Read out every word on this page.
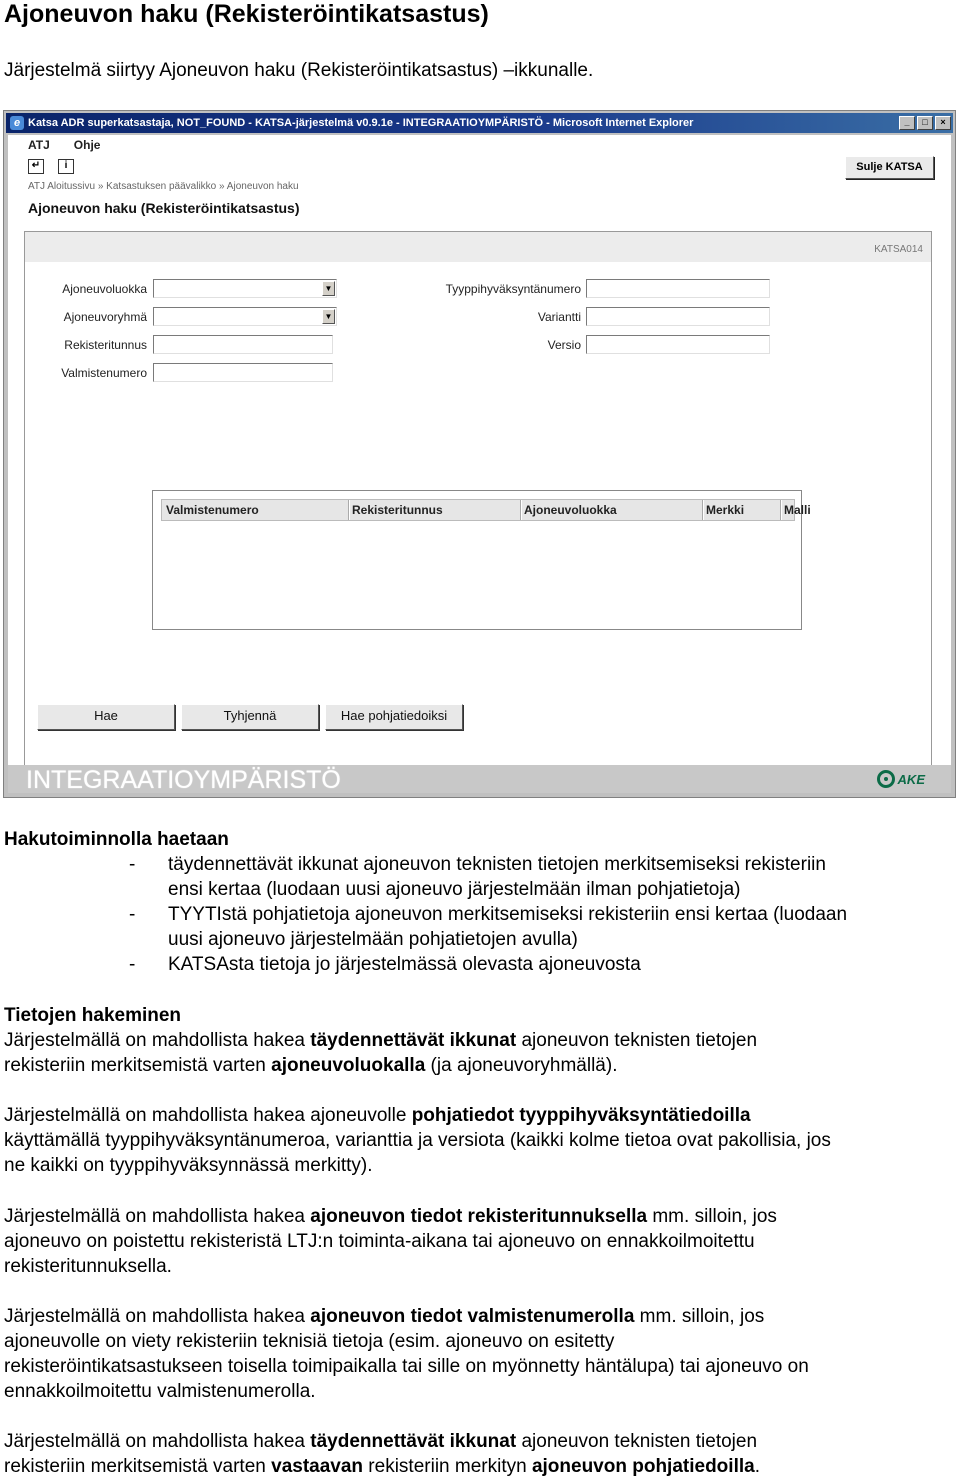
Ajoneuvon haku (Rekisteröintikatsastus)
Järjestelmä siirtyy Ajoneuvon haku (Rekisteröintikatsastus) –ikkunalle.
e Katsa ADR superkatsastaja, NOT_FOUND - KATSA-järjestelmä v0.9.1e - INTEGRAATIOYMPÄRISTÖ - Microsoft Internet Explorer	_	□	×
ATJ Ohje
↵	i	Sulje KATSA
ATJ Aloitussivu » Katsastuksen päävalikko » Ajoneuvon haku
Ajoneuvon haku (Rekisteröintikatsastus)
KATSA014
Ajoneuvoluokka	▼
Ajoneuvoryhmä	▼
Rekisteritunnus
Valmistenumero
Tyyppihyväksyntänumero
Variantti
Versio
Valmistenumero	Rekisteritunnus	Ajoneuvoluokka	Merkki	Malli
Hae	Tyhjennä	Hae pohjatiedoiksi
INTEGRAATIOYMPÄRISTÖ	AKE

Hakutoiminnolla haetaan

- täydennettävät ikkunat ajoneuvon teknisten tietojen merkitsemiseksi rekisteriin
ensi kertaa (luodaan uusi ajoneuvo järjestelmään ilman pohjatietoja)
- TYYTIstä pohjatietoja ajoneuvon merkitsemiseksi rekisteriin ensi kertaa (luodaan
uusi ajoneuvo järjestelmään pohjatietojen avulla)
- KATSAsta tietoja jo järjestelmässä olevasta ajoneuvosta

Tietojen hakeminen

Järjestelmällä on mahdollista hakea täydennettävät ikkunat ajoneuvon teknisten tietojen

rekisteriin merkitsemistä varten ajoneuvoluokalla (ja ajoneuvoryhmällä).

Järjestelmällä on mahdollista hakea ajoneuvolle pohjatiedot tyyppihyväksyntätiedoilla

käyttämällä tyyppihyväksyntänumeroa, varianttia ja versiota (kaikki kolme tietoa ovat pakollisia, jos

ne kaikki on tyyppihyväksynnässä merkitty).

Järjestelmällä on mahdollista hakea ajoneuvon tiedot rekisteritunnuksella mm. silloin, jos

ajoneuvo on poistettu rekisteristä LTJ:n toiminta-aikana tai ajoneuvo on ennakkoilmoitettu

rekisteritunnuksella.

Järjestelmällä on mahdollista hakea ajoneuvon tiedot valmistenumerolla mm. silloin, jos

ajoneuvolle on viety rekisteriin teknisiä tietoja (esim. ajoneuvo on esitetty

rekisteröintikatsastukseen toisella toimipaikalla tai sille on myönnetty häntälupa) tai ajoneuvo on

ennakkoilmoitettu valmistenumerolla.

Järjestelmällä on mahdollista hakea täydennettävät ikkunat ajoneuvon teknisten tietojen

rekisteriin merkitsemistä varten vastaavan rekisteriin merkityn ajoneuvon pohjatiedoilla.
